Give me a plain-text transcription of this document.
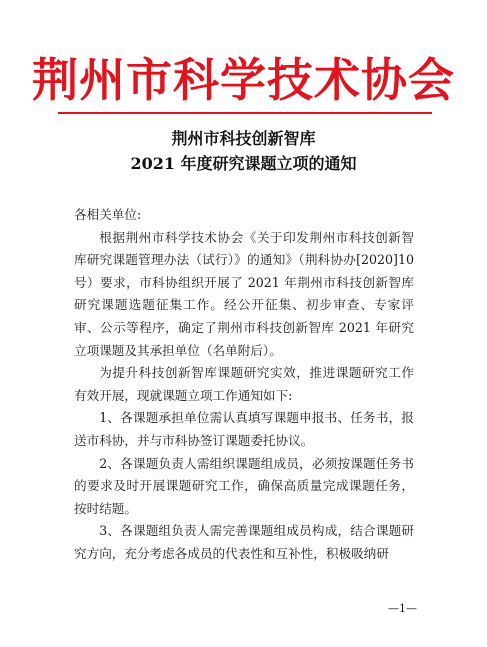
荆州市科学技术协会
荆州市科技创新智库
2021 年度研究课题立项的通知

各相关单位:

根据荆州市科学技术协会《关于印发荆州市科技创新智库研究课题管理办法（试行）》的通知》（荆科协办[2020]10号）要求，市科协组织开展了 2021 年荆州市科技创新智库研究课题选题征集工作。经公开征集、初步审查、专家评审、公示等程序，确定了荆州市科技创新智库 2021 年研究立项课题及其承担单位（名单附后）。

为提升科技创新智库课题研究实效，推进课题研究工作有效开展，现就课题立项工作通知如下:

1、各课题承担单位需认真填写课题申报书、任务书，报送市科协，并与市科协签订课题委托协议。

2、各课题负责人需组织课题组成员，必须按课题任务书的要求及时开展课题研究工作，确保高质量完成课题任务，按时结题。

3、各课题组负责人需完善课题组成员构成，结合课题研究方向，充分考虑各成员的代表性和互补性，积极吸纳研

—1—
